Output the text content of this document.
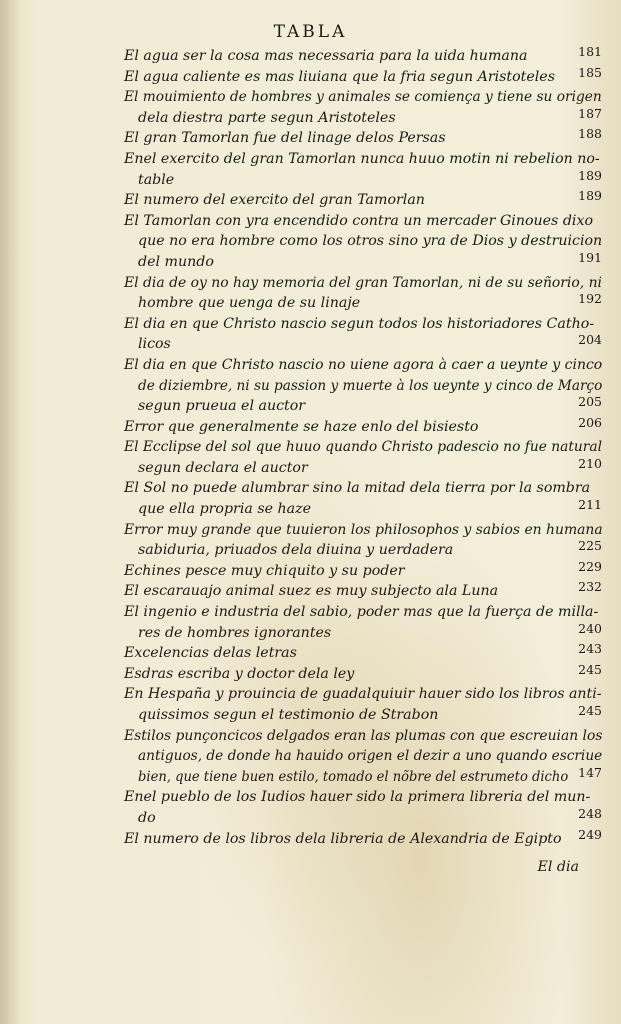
TABLA
El agua ser la cosa mas necessaria para la uida humana	181
El agua caliente es mas liuiana que la fria segun Aristoteles 185
El mouimiento de hombres y animales se comiença y tiene su origen
dela diestra parte segun Aristoteles	187
El gran Tamorlan fue del linage delos Persas	188
Enel exercito del gran Tamorlan nunca huuo motin ni rebelion no-
table	189
El numero del exercito del gran Tamorlan	189
El Tamorlan con yra encendido contra un mercader Ginoues dixo
que no era hombre como los otros sino yra de Dios y destruicion
del mundo	191
El dia de oy no hay memoria del gran Tamorlan, ni de su señorio, ni
hombre que uenga de su linaje	192
El dia en que Christo nascio segun todos los historiadores Catho-
licos	204
El dia en que Christo nascio no uiene agora à caer a ueynte y cinco
de diziembre, ni su passion y muerte à los ueynte y cinco de Março
segun prueua el auctor	205
Error que generalmente se haze enlo del bisiesto	206
El Ecclipse del sol que huuo quando Christo padescio no fue natural
segun declara el auctor	210
El Sol no puede alumbrar sino la mitad dela tierra por la sombra
que ella propria se haze	211
Error muy grande que tuuieron los philosophos y sabios en humana
sabiduria, priuados dela diuina y uerdadera	225
Echines pesce muy chiquito y su poder	229
El escarauajo animal suez es muy subjecto ala Luna	232
El ingenio e industria del sabio, poder mas que la fuerça de milla-
res de hombres ignorantes	240
Excelencias delas letras	243
Esdras escriba y doctor dela ley	245
En Hespaña y prouincia de guadalquiuir hauer sido los libros anti-
quissimos segun el testimonio de Strabon	245
Estilos punçoncicos delgados eran las plumas con que escreuian los
antiguos, de donde ha hauido origen el dezir a uno quando escriue
bien, que tiene buen estilo, tomado el nõbre del estrumeto dicho 147
Enel pueblo de los Iudios hauer sido la primera libreria del mun-
do	248
El numero de los libros dela libreria de Alexandria de Egipto 249
El dia
